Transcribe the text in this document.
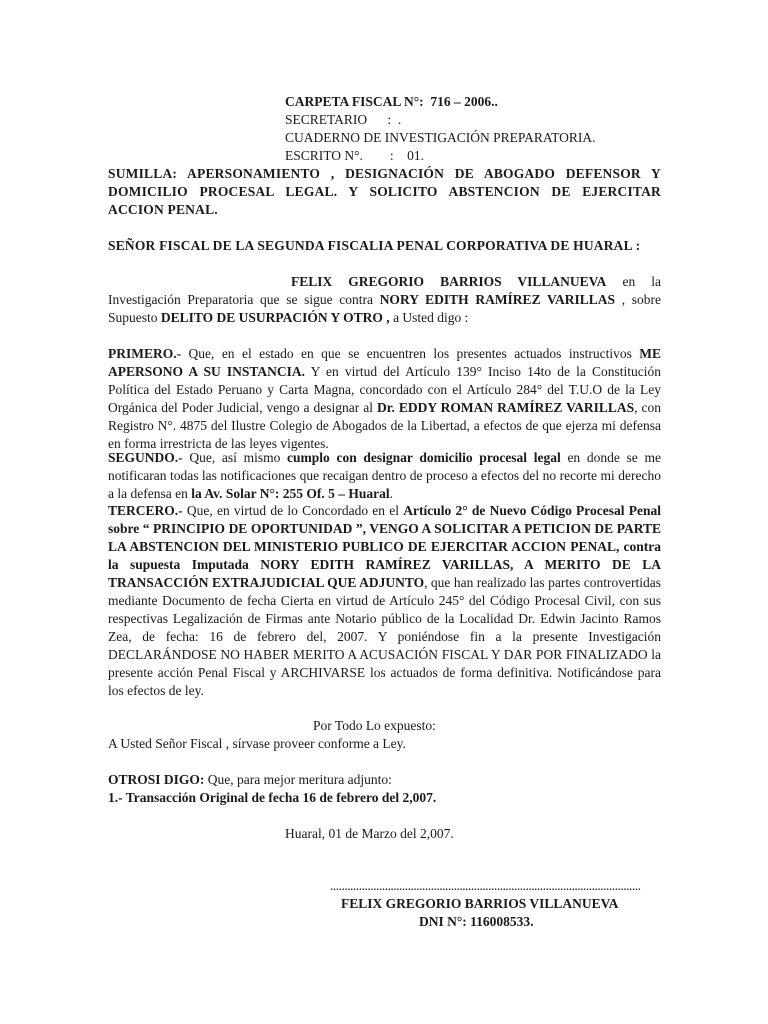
CARPETA FISCAL N°: 716 – 2006..
SECRETARIO      :  .
CUADERNO DE INVESTIGACIÓN PREPARATORIA.
ESCRITO N°.        :    01.
SUMILLA: APERSONAMIENTO , DESIGNACIÓN DE ABOGADO DEFENSOR Y DOMICILIO PROCESAL LEGAL. Y SOLICITO ABSTENCION DE EJERCITAR ACCION PENAL.
SEÑOR FISCAL DE LA SEGUNDA FISCALIA PENAL CORPORATIVA DE HUARAL :
FELIX GREGORIO BARRIOS VILLANUEVA en la Investigación Preparatoria que se sigue contra NORY EDITH RAMÍREZ VARILLAS , sobre Supuesto DELITO DE USURPACIÓN Y OTRO , a Usted digo :
PRIMERO.- Que, en el estado en que se encuentren los presentes actuados instructivos ME APERSONO A SU INSTANCIA. Y en virtud del Artículo 139° Inciso 14to de la Constitución Política del Estado Peruano y Carta Magna, concordado con el Artículo 284° del T.U.O de la Ley Orgánica del Poder Judicial, vengo a designar al Dr. EDDY ROMAN RAMÍREZ VARILLAS, con Registro N°. 4875 del Ilustre Colegio de Abogados de la Libertad, a efectos de que ejerza mi defensa en forma irrestricta de las leyes vigentes.
SEGUNDO.- Que, así mismo cumplo con designar domicilio procesal legal en donde se me notificaran todas las notificaciones que recaigan dentro de proceso a efectos del no recorte mi derecho a la defensa en la Av. Solar N°: 255 Of. 5 – Huaral.
TERCERO.- Que, en virtud de lo Concordado en el Artículo 2° de Nuevo Código Procesal Penal sobre “ PRINCIPIO DE OPORTUNIDAD ”, VENGO A SOLICITAR A PETICION DE PARTE LA ABSTENCION DEL MINISTERIO PUBLICO DE EJERCITAR ACCION PENAL, contra la supuesta Imputada NORY EDITH RAMÍREZ VARILLAS, A MERITO DE LA TRANSACCIÓN EXTRAJUDICIAL QUE ADJUNTO, que han realizado las partes controvertidas mediante Documento de fecha Cierta en virtud de Artículo 245° del Código Procesal Civil, con sus respectivas Legalización de Firmas ante Notario público de la Localidad Dr. Edwin Jacinto Ramos Zea, de fecha: 16 de febrero del, 2007. Y poniéndose fin a la presente Investigación DECLARÁNDOSE NO HABER MERITO A ACUSACIÓN FISCAL Y DAR POR FINALIZADO la presente acción Penal Fiscal y ARCHIVARSE los actuados de forma definitiva. Notificándose para los efectos de ley.
Por Todo Lo expuesto:
A Usted Señor Fiscal , sírvase proveer conforme a Ley.
OTROSI DIGO: Que, para mejor meritura adjunto:
1.- Transacción Original de fecha 16 de febrero del 2,007.
Huaral, 01 de Marzo del 2,007.
............................................................................................................
FELIX GREGORIO BARRIOS VILLANUEVA
DNI N°: 116008533.
